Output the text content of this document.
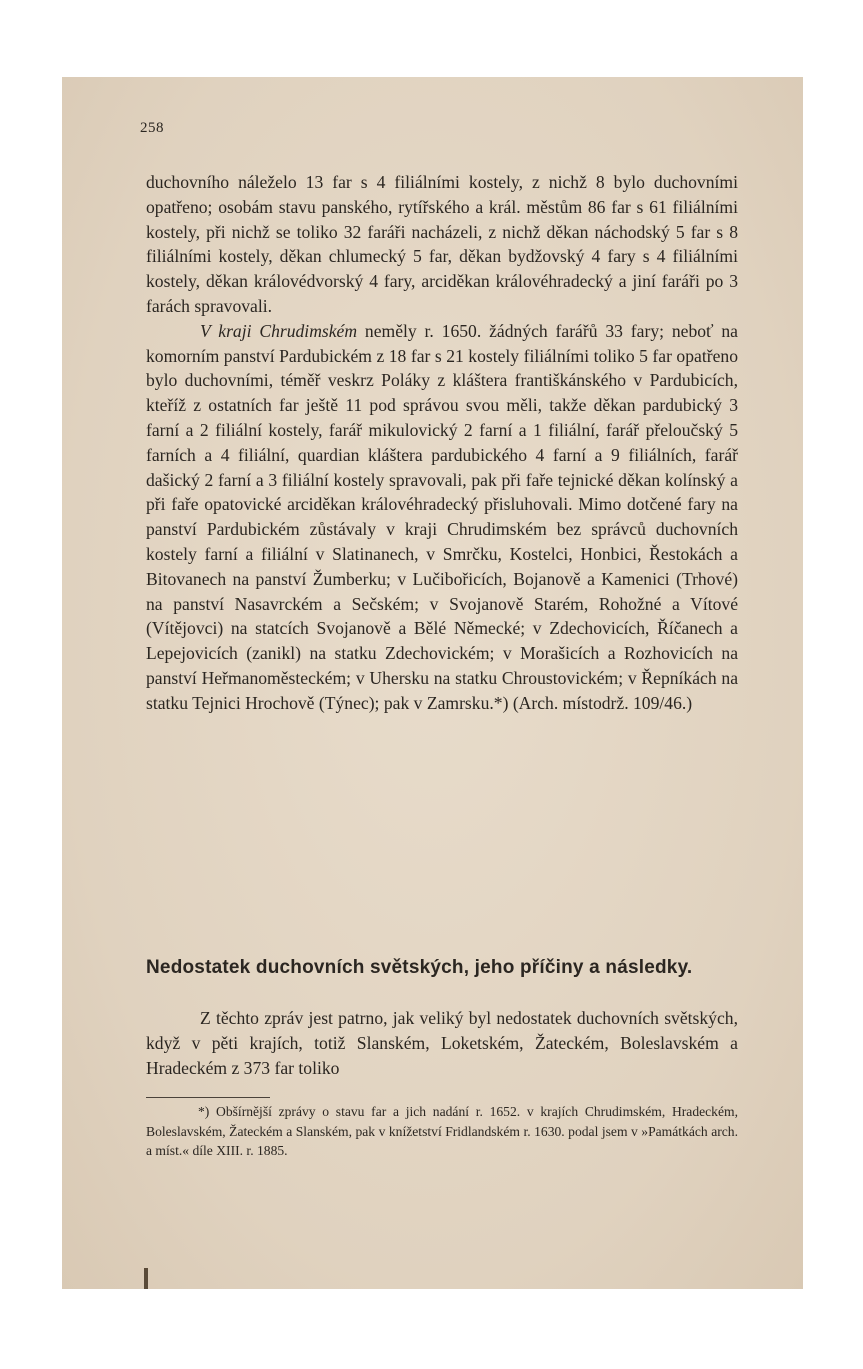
258

duchovního náleželo 13 far s 4 filiálními kostely, z nichž 8 bylo duchovními opatřeno; osobám stavu panského, rytířského a král. městům 86 far s 61 filiálními kostely, při nichž se toliko 32 faráři nacházeli, z nichž děkan náchodský 5 far s 8 filiálními kostely, děkan chlumecký 5 far, děkan bydžovský 4 fary s 4 filiálními kostely, děkan královédvorský 4 fary, arciděkan královéhradecký a jiní faráři po 3 farách spravovali.

V kraji Chrudimském neměly r. 1650. žádných farářů 33 fary; neboť na komorním panství Pardubickém z 18 far s 21 kostely filiálními toliko 5 far opatřeno bylo duchovními, téměř veskrz Poláky z kláštera františkánského v Pardubicích, kteříž z ostatních far ještě 11 pod správou svou měli, takže děkan pardubický 3 farní a 2 filiální kostely, farář mikulovický 2 farní a 1 filiální, farář přeloučský 5 farních a 4 filiální, quardian kláštera pardubického 4 farní a 9 filiálních, farář dašický 2 farní a 3 filiální kostely spravovali, pak při faře tejnické děkan kolínský a při faře opatovické arciděkan královéhradecký přisluhovali. Mimo dotčené fary na panství Pardubickém zůstávaly v kraji Chrudimském bez správců duchovních kostely farní a filiální v Slatinanech, v Smrčku, Kostelci, Honbici, Řestokách a Bitovanech na panství Žumberku; v Lučibořicích, Bojanově a Kamenici (Trhové) na panství Nasavrckém a Sečském; v Svojanově Starém, Rohožné a Vítové (Vítějovci) na statcích Svojanově a Bělé Německé; v Zdechovicích, Říčanech a Lepejovicích (zanikl) na statku Zdechovickém; v Morašicích a Rozhovicích na panství Heřmanoměsteckém; v Uhersku na statku Chroustovickém; v Řepníkách na statku Tejnici Hrochově (Týnec); pak v Zamrsku.*) (Arch. místodrž. 109/46.)

Nedostatek duchovních světských, jeho příčiny a následky.

Z těchto zpráv jest patrno, jak veliký byl nedostatek duchovních světských, když v pěti krajích, totiž Slanském, Loketském, Žateckém, Boleslavském a Hradeckém z 373 far toliko

*) Obšírnější zprávy o stavu far a jich nadání r. 1652. v krajích Chrudimském, Hradeckém, Boleslavském, Žateckém a Slanském, pak v knížetství Fridlandském r. 1630. podal jsem v »Památkách arch. a míst.« díle XIII. r. 1885.
